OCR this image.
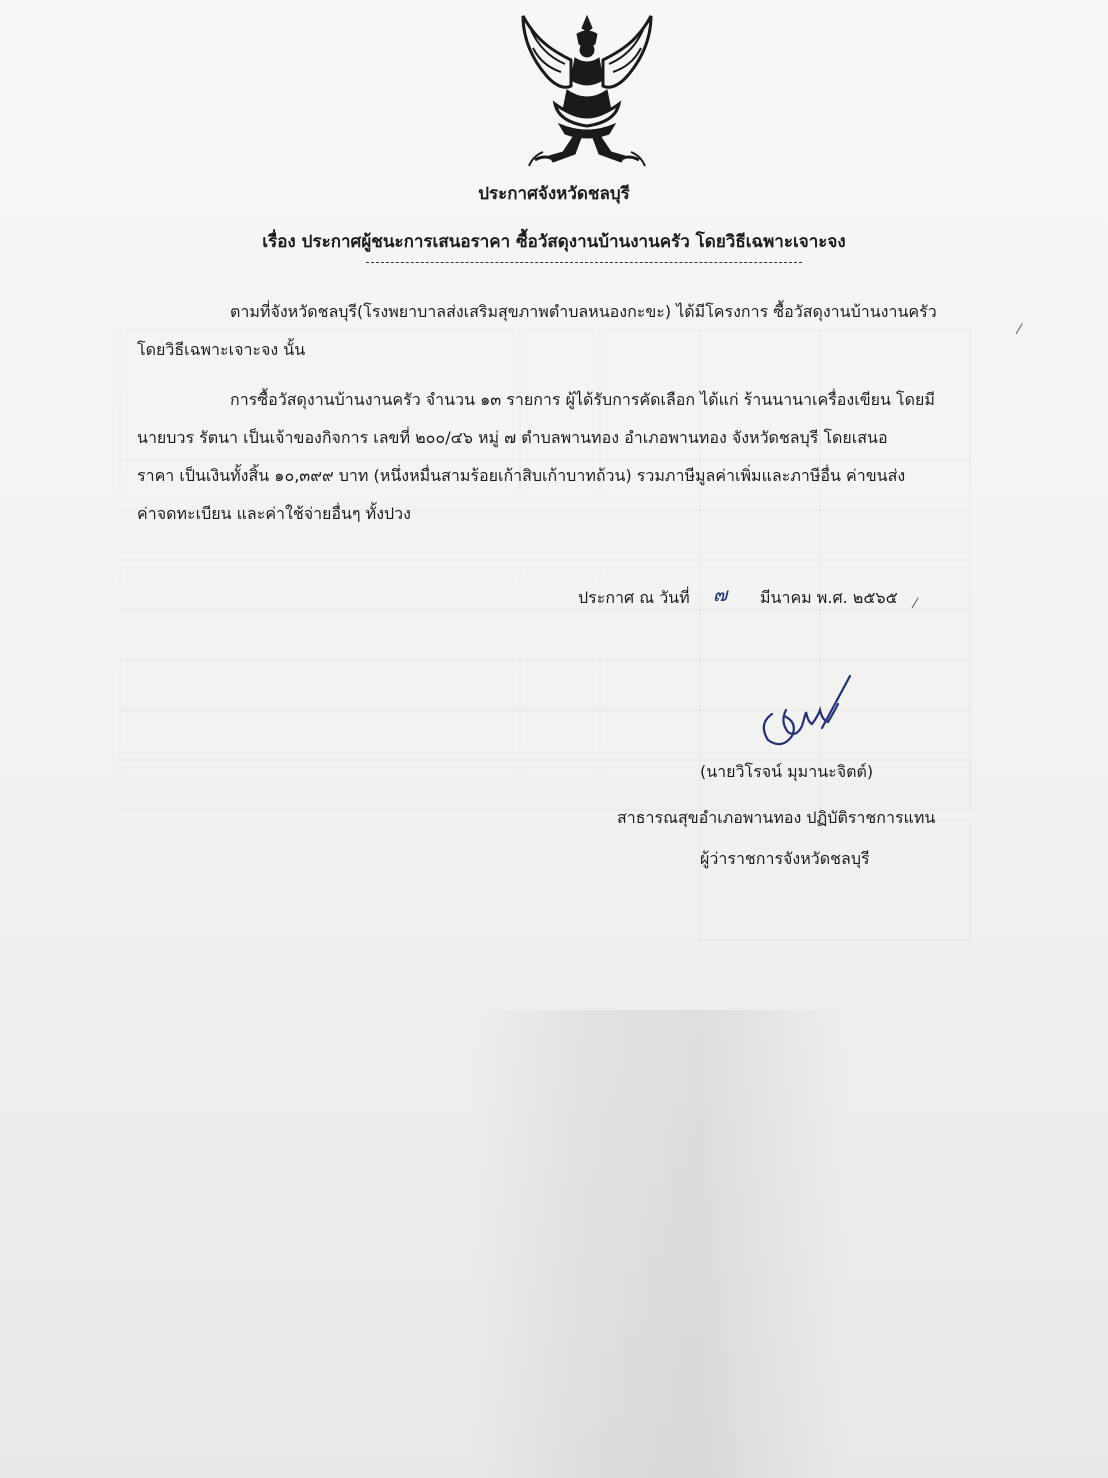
ประกาศจังหวัดชลบุรี
เรื่อง ประกาศผู้ชนะการเสนอราคา ซื้อวัสดุงานบ้านงานครัว โดยวิธีเฉพาะเจาะจง

ตามที่จังหวัดชลบุรี(โรงพยาบาลส่งเสริมสุขภาพตำบลหนองกะขะ) ได้มีโครงการ ซื้อวัสดุงานบ้านงานครัว

โดยวิธีเฉพาะเจาะจง นั้น

การซื้อวัสดุงานบ้านงานครัว จำนวน ๑๓ รายการ ผู้ได้รับการคัดเลือก ได้แก่ ร้านนานาเครื่องเขียน โดยมี

นายบวร รัตนา เป็นเจ้าของกิจการ เลขที่ ๒๐๐/๔๖ หมู่ ๗ ตำบลพานทอง อำเภอพานทอง จังหวัดชลบุรี โดยเสนอ

ราคา เป็นเงินทั้งสิ้น ๑๐,๓๙๙ บาท (หนึ่งหมื่นสามร้อยเก้าสิบเก้าบาทถ้วน) รวมภาษีมูลค่าเพิ่มและภาษีอื่น ค่าขนส่ง

ค่าจดทะเบียน และค่าใช้จ่ายอื่นๆ ทั้งปวง

ประกาศ ณ วันที่ ๗ มีนาคม พ.ศ. ๒๕๖๕ ⁄
⁄
(นายวิโรจน์ มุมานะจิตต์)
สาธารณสุขอำเภอพานทอง ปฏิบัติราชการแทน
ผู้ว่าราชการจังหวัดชลบุรี
